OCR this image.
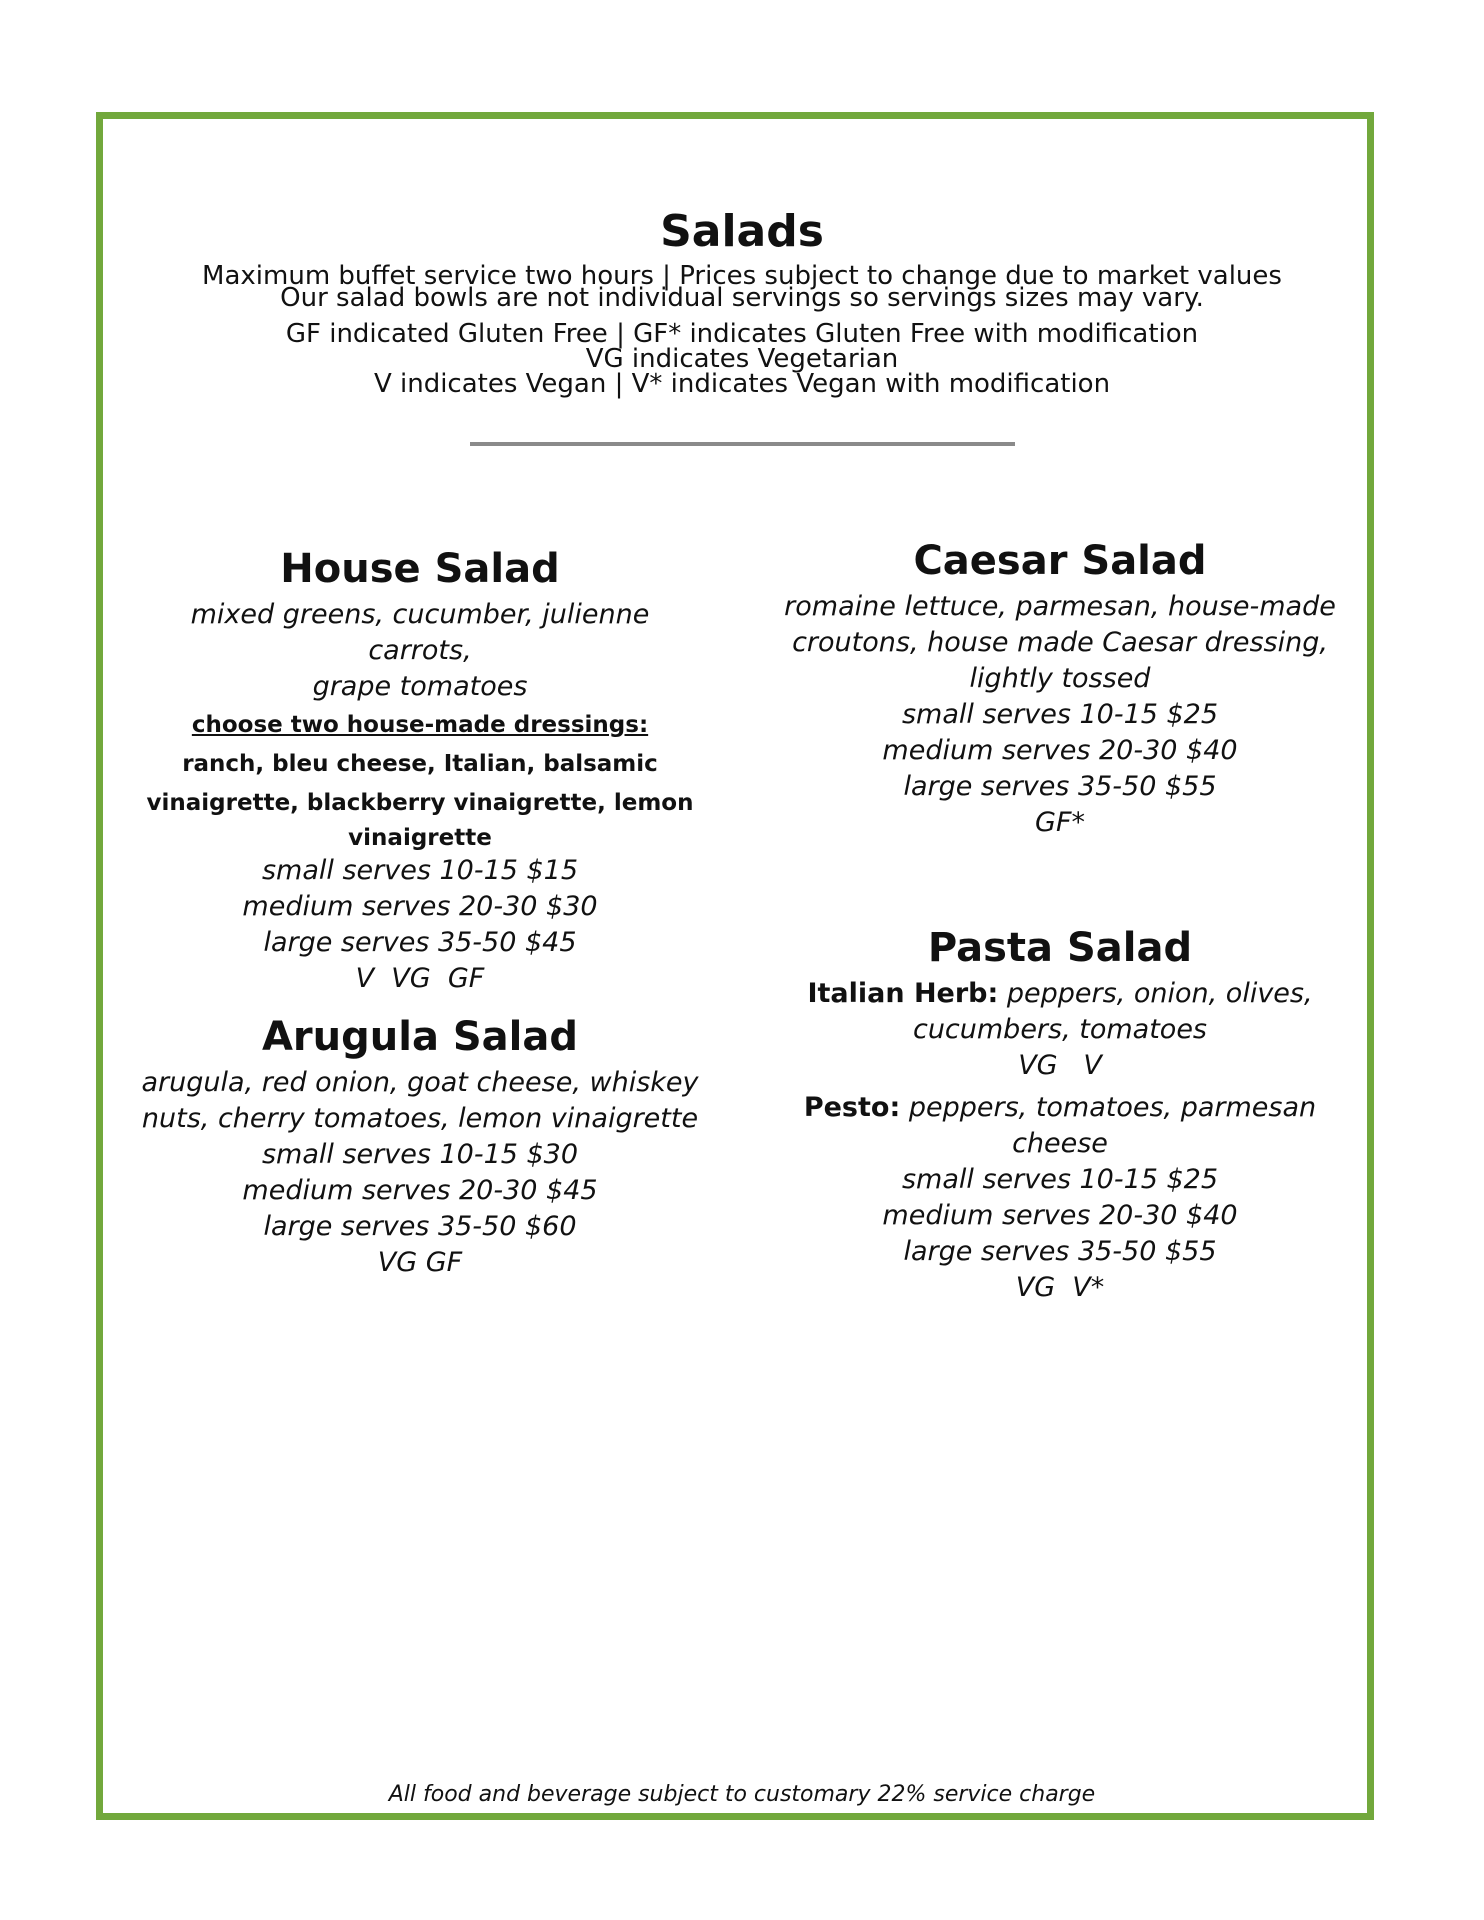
Salads
Maximum buffet service two hours | Prices subject to change due to market values
Our salad bowls are not individual servings so servings sizes may vary.
GF indicated Gluten Free | GF* indicates Gluten Free with modification
VG indicates Vegetarian
V indicates Vegan | V* indicates Vegan with modification
House Salad
mixed greens, cucumber, julienne carrots,
grape tomatoes
choose two house-made dressings:
ranch, bleu cheese, Italian, balsamic
vinaigrette, blackberry vinaigrette, lemon
vinaigrette
small serves 10-15 $15
medium serves 20-30 $30
large serves 35-50 $45
V  VG  GF
Arugula Salad
arugula, red onion, goat cheese, whiskey
nuts, cherry tomatoes, lemon vinaigrette
small serves 10-15 $30
medium serves 20-30 $45
large serves 35-50 $60
VG GF
Caesar Salad
romaine lettuce, parmesan, house-made
croutons, house made Caesar dressing,
lightly tossed
small serves 10-15 $25
medium serves 20-30 $40
large serves 35-50 $55
GF*
Pasta Salad
Italian Herb: peppers, onion, olives,
cucumbers, tomatoes
VG   V
Pesto: peppers, tomatoes, parmesan
cheese
small serves 10-15 $25
medium serves 20-30 $40
large serves 35-50 $55
VG  V*
All food and beverage subject to customary 22% service charge
